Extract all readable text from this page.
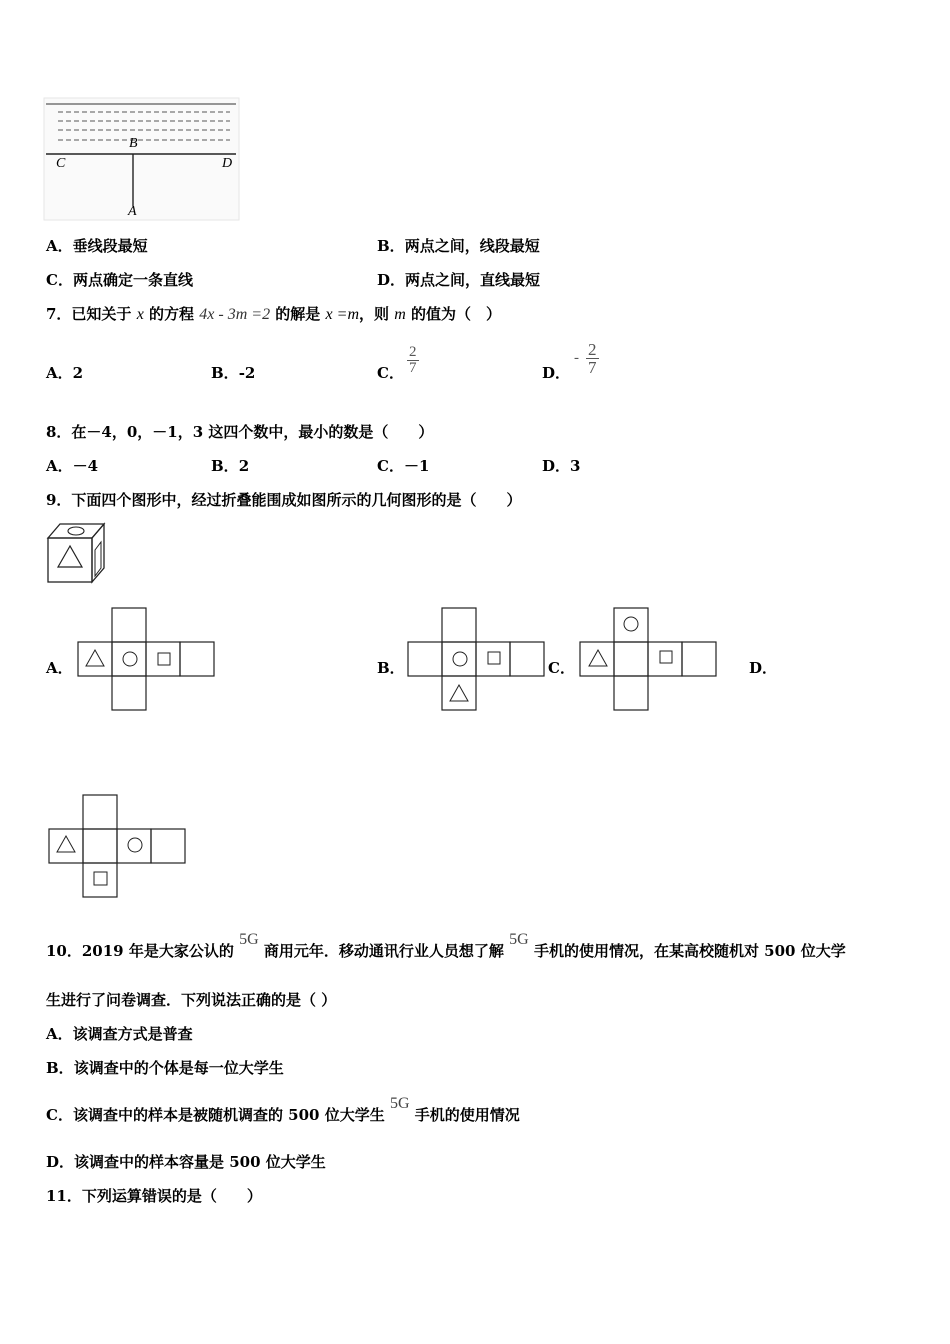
C
B
D
A
A．垂线段最短	B．两点之间，线段最短
C．两点确定一条直线	D．两点之间，直线最短
7．已知关于 x 的方程 4x - 3m =2 的解是 x =m，则 m 的值为（　）
A．2	B．-2	C． $\frac{2}{7}$	D．
- $\frac{2}{7}$
8．在－4，0，－1，3 这四个数中，最小的数是（　　）
A．－4	B．2	C．－1	D．3
9．下面四个图形中，经过折叠能围成如图所示的几何图形的是（　　）
A．	B．	C．	D．
10．2019 年是大家公认的 5G 商用元年．移动通讯行业人员想了解 5G 手机的使用情况，在某高校随机对 500 位大学
生进行了问卷调查．下列说法正确的是（ ）
A．该调查方式是普查
B．该调查中的个体是每一位大学生
C．该调查中的样本是被随机调查的 500 位大学生 5G 手机的使用情况
D．该调查中的样本容量是 500 位大学生
11．下列运算错误的是（　　）
